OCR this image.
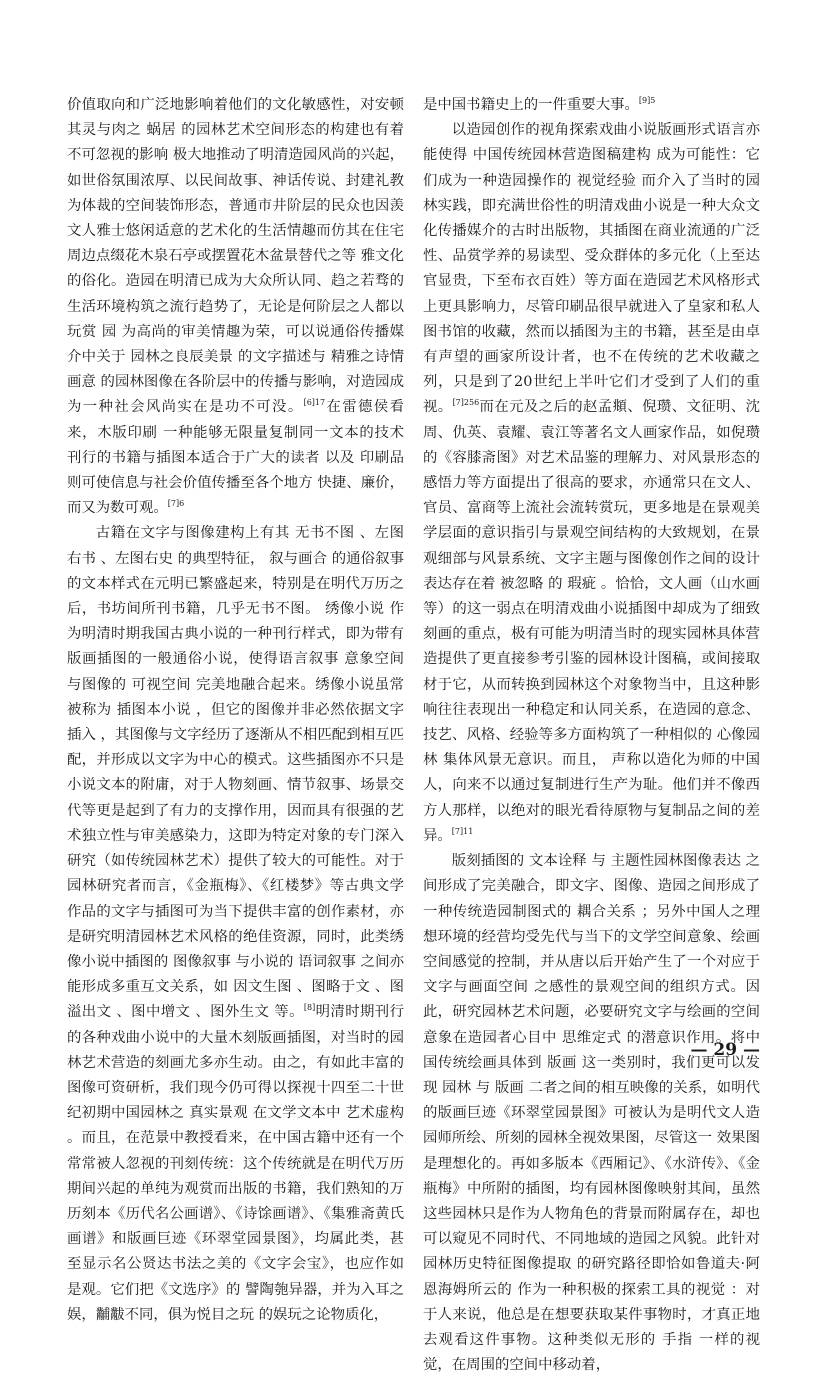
价值取向和广泛地影响着他们的文化敏感性，对安顿其灵与肉之 蜗居 的园林艺术空间形态的构建也有着不可忽视的影响 极大地推动了明清造园风尚的兴起，如世俗氛围浓厚、以民间故事、神话传说、封建礼教为体裁的空间装饰形态，普通市井阶层的民众也因羡文人雅士悠闲适意的艺术化的生活情趣而仿其在住宅周边点缀花木泉石亭或摆置花木盆景替代之等 雅文化的俗化。造园在明清已成为大众所认同、趋之若骛的生活环境构筑之流行趋势了，无论是何阶层之人都以玩赏 园 为高尚的审美情趣为荣，可以说通俗传播媒介中关于 园林之良辰美景 的文字描述与 精雅之诗情画意 的园林图像在各阶层中的传播与影响，对造园成为一种社会风尚实在是功不可没。$^{[6]17}$在雷德侯看来，木版印刷 一种能够无限量复制同一文本的技术 刊行的书籍与插图本适合于广大的读者 以及 印刷品则可使信息与社会价值传播至各个地方 快捷、廉价，而又为数可观。$^{[7]6}$

古籍在文字与图像建构上有其 无书不图 、左图右书 、左图右史 的典型特征， 叙与画合 的通俗叙事的文本样式在元明已繁盛起来，特别是在明代万历之后，书坊间所刊书籍，几乎无书不图。 绣像小说 作为明清时期我国古典小说的一种刊行样式，即为带有版画插图的一般通俗小说，使得语言叙事 意象空间 与图像的 可视空间 完美地融合起来。绣像小说虽常被称为 插图本小说 ，但它的图像并非必然依据文字 插入 ，其图像与文字经历了逐渐从不相匹配到相互匹配，并形成以文字为中心的模式。这些插图亦不只是小说文本的附庸，对于人物刻画、情节叙事、场景交代等更是起到了有力的支撑作用，因而具有很强的艺术独立性与审美感染力，这即为特定对象的专门深入研究（如传统园林艺术）提供了较大的可能性。对于园林研究者而言，《金瓶梅》、《红楼梦》等古典文学作品的文字与插图可为当下提供丰富的创作素材，亦是研究明清园林艺术风格的绝佳资源，同时，此类绣像小说中插图的 图像叙事 与小说的 语词叙事 之间亦能形成多重互文关系，如 因文生图 、图略于文 、图溢出文 、图中增文 、图外生文 等。[8]明清时期刊行的各种戏曲小说中的大量木刻版画插图，对当时的园林艺术营造的刻画尤多亦生动。由之，有如此丰富的图像可资研析，我们现今仍可得以探视十四至二十世纪初期中国园林之 真实景观 在文学文本中 艺术虚构 。而且，在范景中教授看来，在中国古籍中还有一个常常被人忽视的刊刻传统：这个传统就是在明代万历期间兴起的单纯为观赏而出版的书籍，我们熟知的万历刻本《历代名公画谱》、《诗馀画谱》、《集雅斋黄氏画谱》和版画巨迹《环翠堂园景图》，均属此类，甚至显示名公贤达书法之美的《文字会宝》，也应作如是观。它们把《文选序》的 譬陶匏异器，并为入耳之娱，黼黻不同，俱为悦目之玩 的娱玩之论物质化，

是中国书籍史上的一件重要大事。$^{[9]5}$

以造园创作的视角探索戏曲小说版画形式语言亦能使得 中国传统园林营造图稿建构 成为可能性：它们成为一种造园操作的 视觉经验 而介入了当时的园林实践，即充满世俗性的明清戏曲小说是一种大众文化传播媒介的古时出版物，其插图在商业流通的广泛性、品赏学养的易读型、受众群体的多元化（上至达官显贵，下至布衣百姓）等方面在造园艺术风格形式上更具影响力，尽管印刷品很早就进入了皇家和私人图书馆的收藏，然而以插图为主的书籍，甚至是由卓有声望的画家所设计者，也不在传统的艺术收藏之列，只是到了20世纪上半叶它们才受到了人们的重视。$^{[7]256}$而在元及之后的赵孟頫、倪瓒、文征明、沈周、仇英、袁耀、袁江等著名文人画家作品，如倪瓒的《容膝斋图》对艺术品鉴的理解力、对风景形态的感悟力等方面提出了很高的要求，亦通常只在文人、官员、富商等上流社会流转赏玩，更多地是在景观美学层面的意识指引与景观空间结构的大致规划，在景观细部与风景系统、文字主题与图像创作之间的设计表达存在着 被忽略 的 瑕疵 。恰恰，文人画（山水画等）的这一弱点在明清戏曲小说插图中却成为了细致刻画的重点，极有可能为明清当时的现实园林具体营造提供了更直接参考引鉴的园林设计图稿，或间接取材于它，从而转换到园林这个对象物当中，且这种影响往往表现出一种稳定和认同关系，在造园的意念、技艺、风格、经验等多方面构筑了一种相似的 心像园林 集体风景无意识。而且， 声称以造化为师的中国人，向来不以通过复制进行生产为耻。他们并不像西方人那样，以绝对的眼光看待原物与复制品之间的差异。$^{[7]11}$

版刻插图的 文本诠释 与 主题性园林图像表达 之间形成了完美融合，即文字、图像、造园之间形成了一种传统造园制图式的 耦合关系 ；另外中国人之理想环境的经营均受先代与当下的文学空间意象、绘画空间感觉的控制，并从唐以后开始产生了一个对应于 文字与画面空间 之感性的景观空间的组织方式。因此，研究园林艺术问题，必要研究文字与绘画的空间意象在造园者心目中 思维定式 的潜意识作用。将中国传统绘画具体到 版画 这一类别时，我们更可以发现 园林 与 版画 二者之间的相互映像的关系，如明代的版画巨迹《环翠堂园景图》可被认为是明代文人造园师所绘、所刻的园林全视效果图，尽管这一 效果图 是理想化的。再如多版本《西厢记》、《水浒传》、《金瓶梅》中所附的插图，均有园林图像映射其间，虽然这些园林只是作为人物角色的背景而附属存在，却也可以窥见不同时代、不同地域的造园之风貌。此针对 园林历史特征图像提取 的研究路径即恰如鲁道夫·阿恩海姆所云的 作为一种积极的探索工具的视觉 ：对于人来说，他总是在想要获取某件事物时，才真正地去观看这件事物。这种类似无形的 手指 一样的视觉，在周围的空间中移动着，

— 29 —
